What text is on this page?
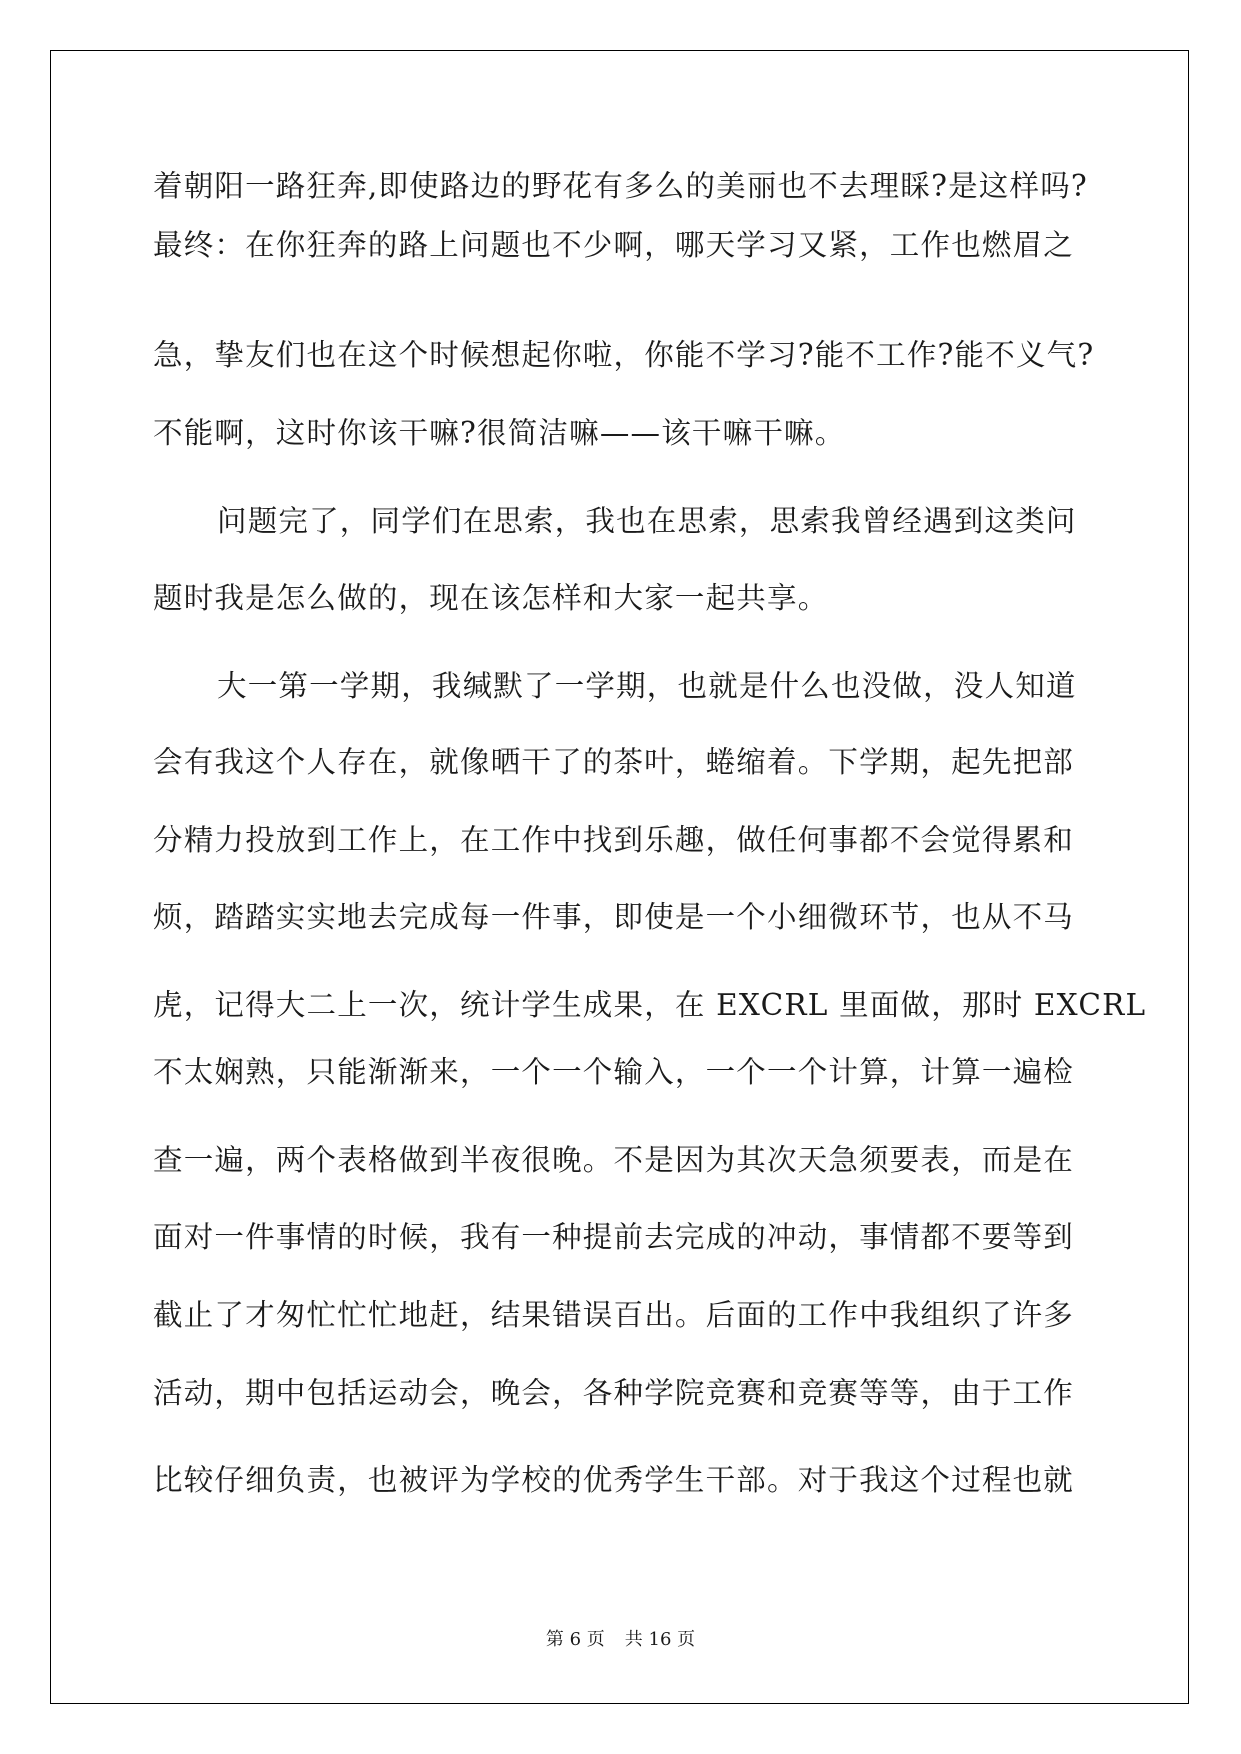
着朝阳一路狂奔,即使路边的野花有多么的美丽也不去理睬?是这样吗?
最终：在你狂奔的路上问题也不少啊，哪天学习又紧，工作也燃眉之
急，挚友们也在这个时候想起你啦，你能不学习?能不工作?能不义气?
不能啊，这时你该干嘛?很简洁嘛——该干嘛干嘛。
问题完了，同学们在思索，我也在思索，思索我曾经遇到这类问
题时我是怎么做的，现在该怎样和大家一起共享。
大一第一学期，我缄默了一学期，也就是什么也没做，没人知道
会有我这个人存在，就像晒干了的茶叶，蜷缩着。下学期，起先把部
分精力投放到工作上，在工作中找到乐趣，做任何事都不会觉得累和
烦，踏踏实实地去完成每一件事，即使是一个小细微环节，也从不马
虎，记得大二上一次，统计学生成果，在 EXCRL 里面做，那时 EXCRL
不太娴熟，只能渐渐来，一个一个输入，一个一个计算，计算一遍检
查一遍，两个表格做到半夜很晚。不是因为其次天急须要表，而是在
面对一件事情的时候，我有一种提前去完成的冲动，事情都不要等到
截止了才匆忙忙忙地赶，结果错误百出。后面的工作中我组织了许多
活动，期中包括运动会，晚会，各种学院竞赛和竞赛等等，由于工作
比较仔细负责，也被评为学校的优秀学生干部。对于我这个过程也就
第 6 页 共 16 页
